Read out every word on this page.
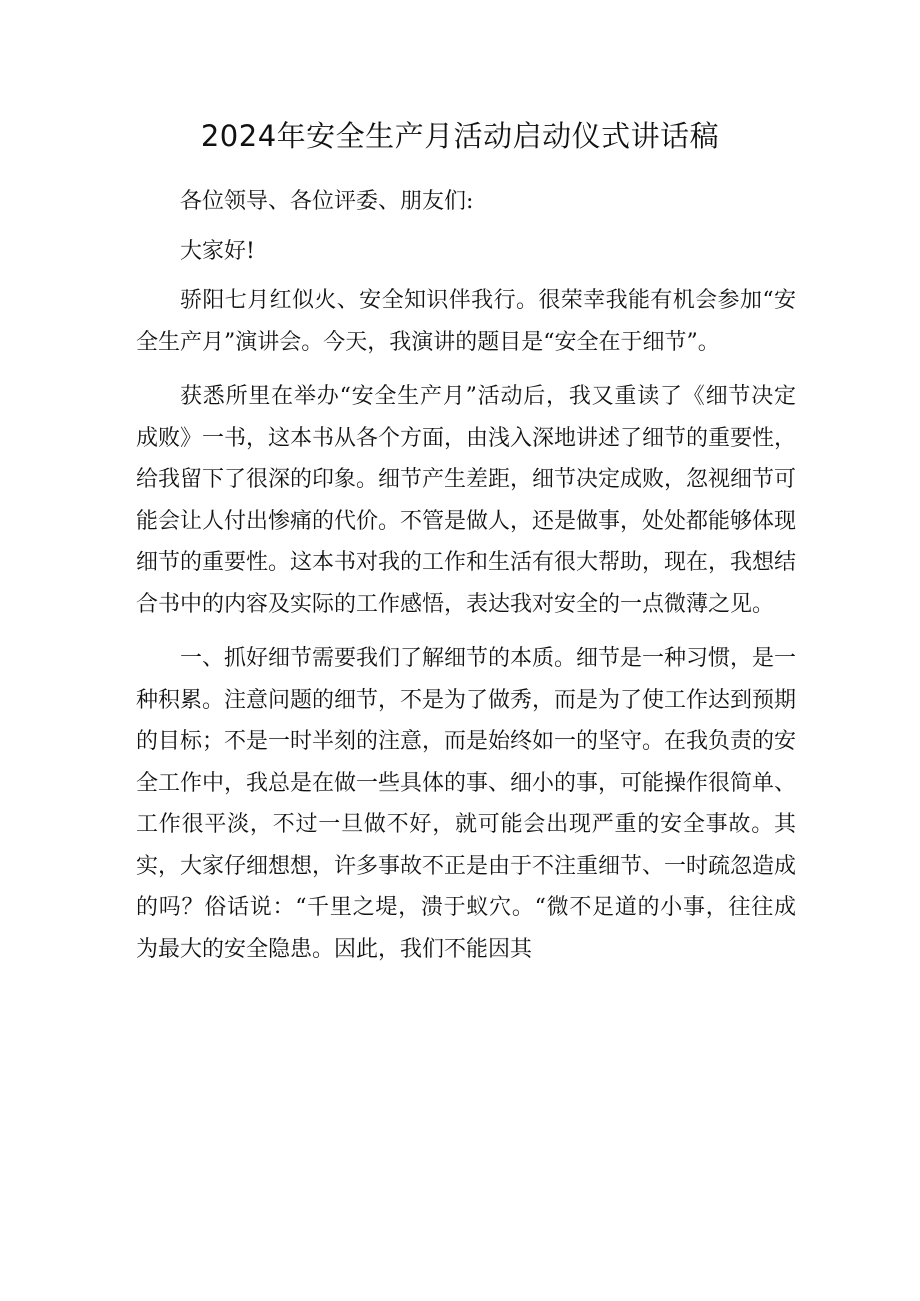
2024年安全生产月活动启动仪式讲话稿

各位领导、各位评委、朋友们:

大家好!

骄阳七月红似火、安全知识伴我行。很荣幸我能有机会参加“安全生产月”演讲会。今天，我演讲的题目是“安全在于细节”。

获悉所里在举办“安全生产月”活动后，我又重读了《细节决定成败》一书，这本书从各个方面，由浅入深地讲述了细节的重要性，给我留下了很深的印象。细节产生差距，细节决定成败，忽视细节可能会让人付出惨痛的代价。不管是做人，还是做事，处处都能够体现细节的重要性。这本书对我的工作和生活有很大帮助，现在，我想结合书中的内容及实际的工作感悟，表达我对安全的一点微薄之见。

一、抓好细节需要我们了解细节的本质。细节是一种习惯，是一种积累。注意问题的细节，不是为了做秀，而是为了使工作达到预期的目标；不是一时半刻的注意，而是始终如一的坚守。在我负责的安全工作中，我总是在做一些具体的事、细小的事，可能操作很简单、工作很平淡，不过一旦做不好，就可能会出现严重的安全事故。其实，大家仔细想想，许多事故不正是由于不注重细节、一时疏忽造成的吗？俗话说：“千里之堤，溃于蚁穴。“微不足道的小事，往往成为最大的安全隐患。因此，我们不能因其
